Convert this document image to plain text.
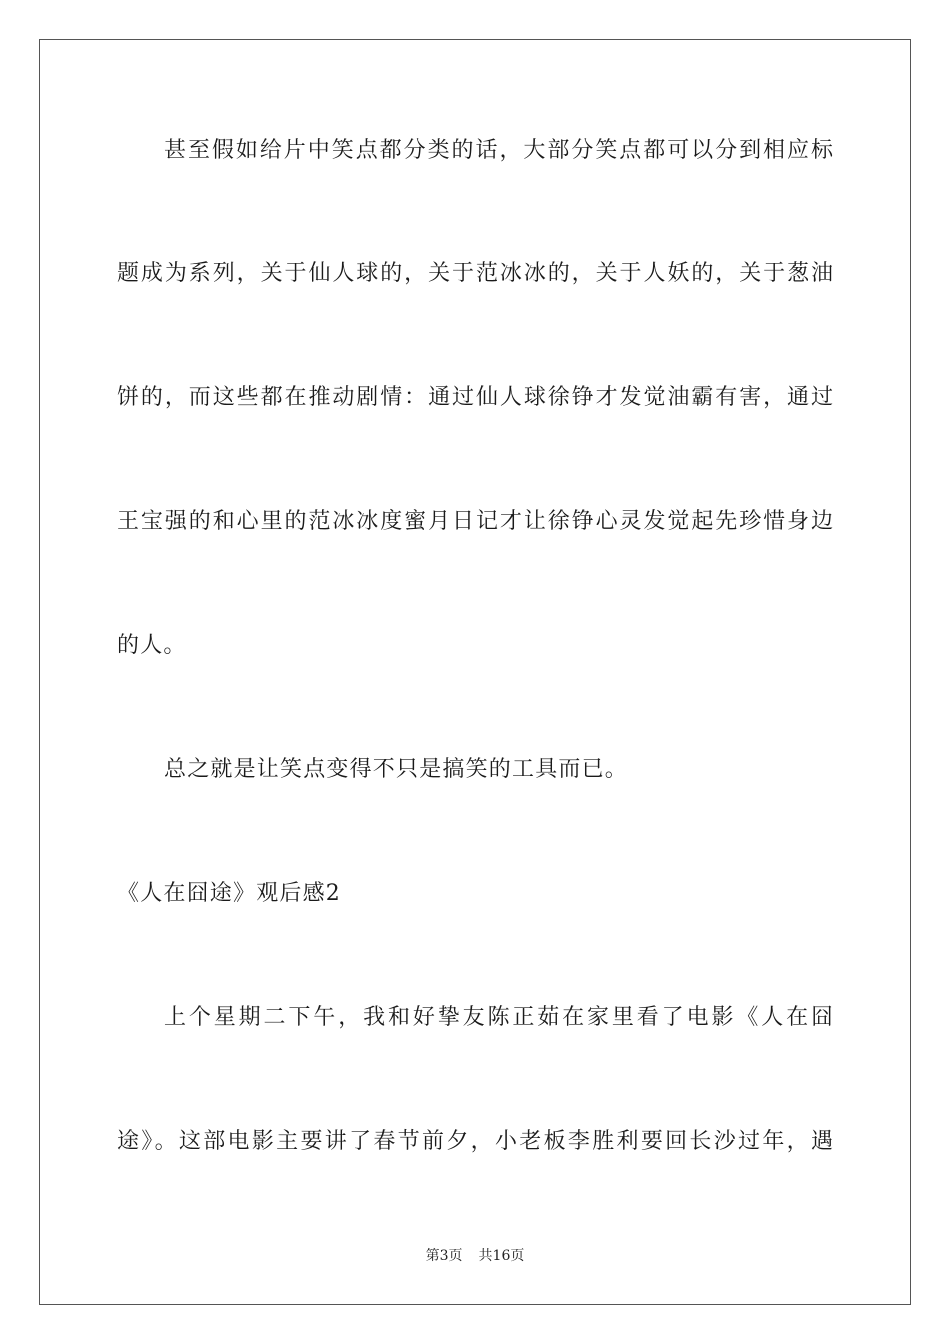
甚至假如给片中笑点都分类的话，大部分笑点都可以分到相应标
题成为系列，关于仙人球的，关于范冰冰的，关于人妖的，关于葱油
饼的，而这些都在推动剧情：通过仙人球徐铮才发觉油霸有害，通过
王宝强的和心里的范冰冰度蜜月日记才让徐铮心灵发觉起先珍惜身边
的人。
总之就是让笑点变得不只是搞笑的工具而已。
《人在囧途》观后感2
上个星期二下午，我和好挚友陈正茹在家里看了电影《人在囧
途》。这部电影主要讲了春节前夕，小老板李胜利要回长沙过年，遇
第3页 共16页
